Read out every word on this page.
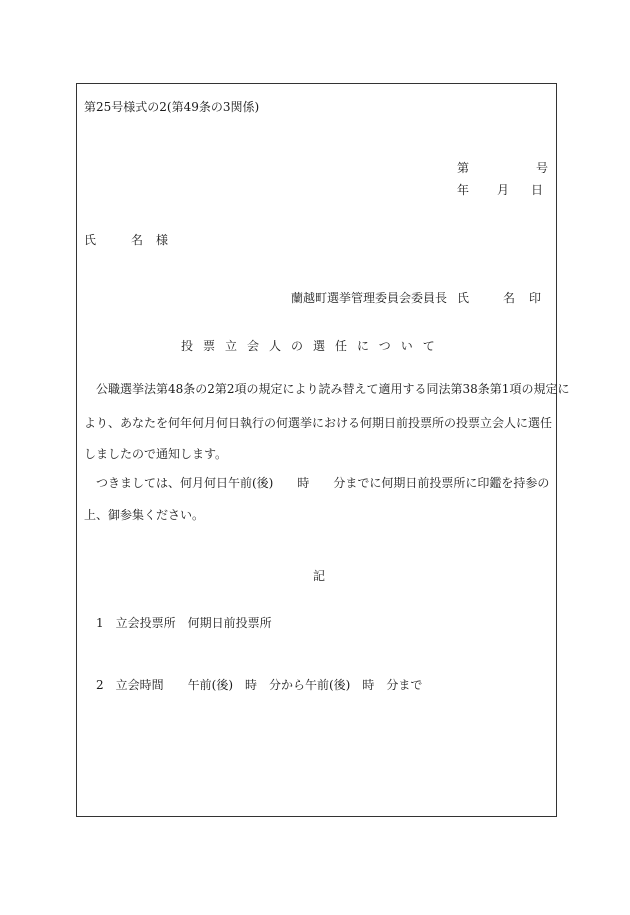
第25号様式の2(第49条の3関係)
第	号
年 月 日
氏	名 様
蘭越町選挙管理委員会委員長 氏	名 印
投票立会人の選任について
公職選挙法第48条の2第2項の規定により読み替えて適用する同法第38条第1項の規定に
より、あなたを何年何月何日執行の何選挙における何期日前投票所の投票立会人に選任
しましたので通知します。
つきましては、何月何日午前(後)　　時　　分までに何期日前投票所に印鑑を持参の
上、御参集ください。
記
1　立会投票所　何期日前投票所
2　立会時間　　午前(後)　時　分から午前(後)　時　分まで
